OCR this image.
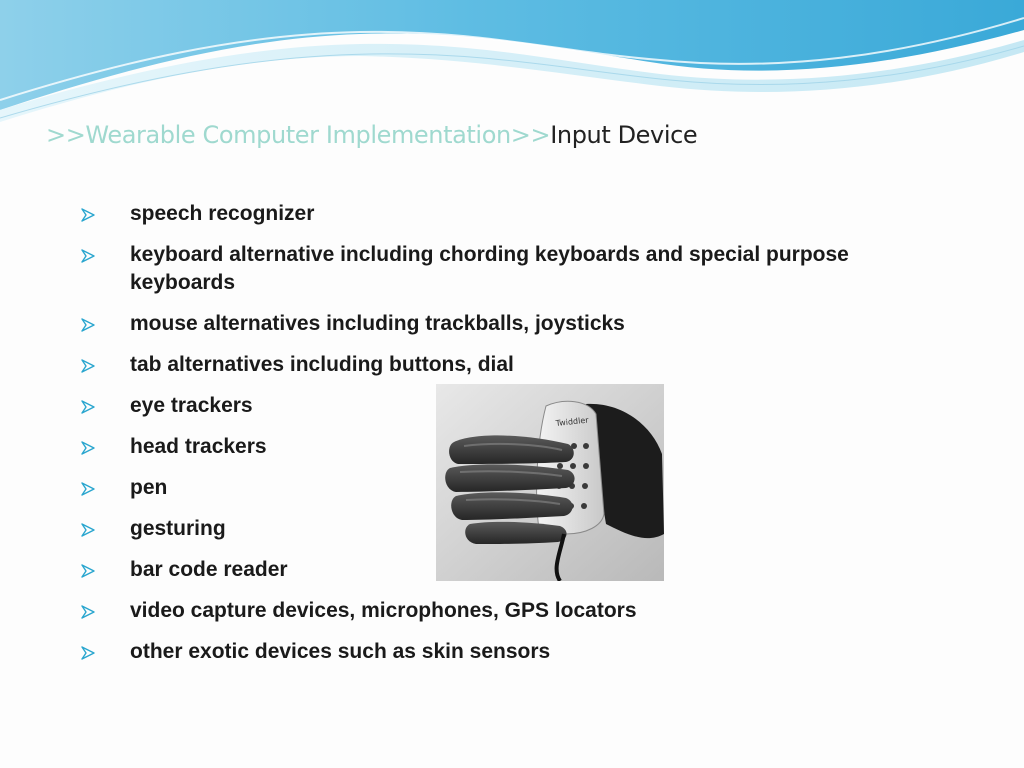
>>Wearable Computer Implementation>>Input Device
speech recognizer
keyboard alternative including chording keyboards and special purpose keyboards
mouse alternatives including trackballs, joysticks
tab alternatives including buttons, dial
eye trackers
head trackers
pen
gesturing
bar code reader
video capture devices, microphones, GPS locators
other exotic devices such as skin sensors
Twiddler
